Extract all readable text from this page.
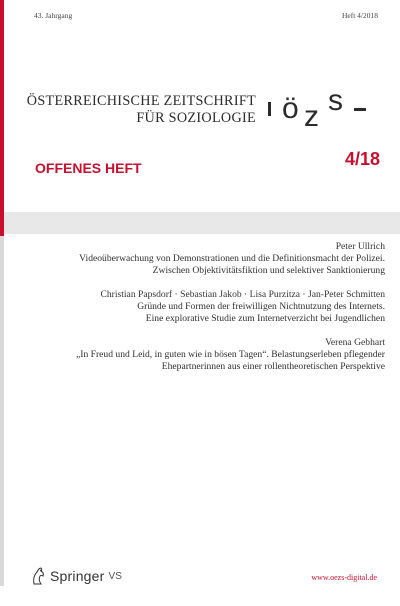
43. Jahrgang	Heft 4/2018
ÖSTERREICHISCHE ZEITSCHRIFT
FÜR SOZIOLOGIE ö z s
OFFENES HEFT	4/18
Peter Ullrich
Videoüberwachung von Demonstrationen und die Definitionsmacht der Polizei.
Zwischen Objektivitätsfiktion und selektiver Sanktionierung
Christian Papsdorf · Sebastian Jakob · Lisa Purzitza · Jan-Peter Schmitten
Gründe und Formen der freiwilligen Nichtnutzung des Internets.
Eine explorative Studie zum Internetverzicht bei Jugendlichen
Verena Gebhart
„In Freud und Leid, in guten wie in bösen Tagen“. Belastungserleben pflegender
Ehepartnerinnen aus einer rollentheoretischen Perspektive
Springer VS	www.oezs-digital.de
